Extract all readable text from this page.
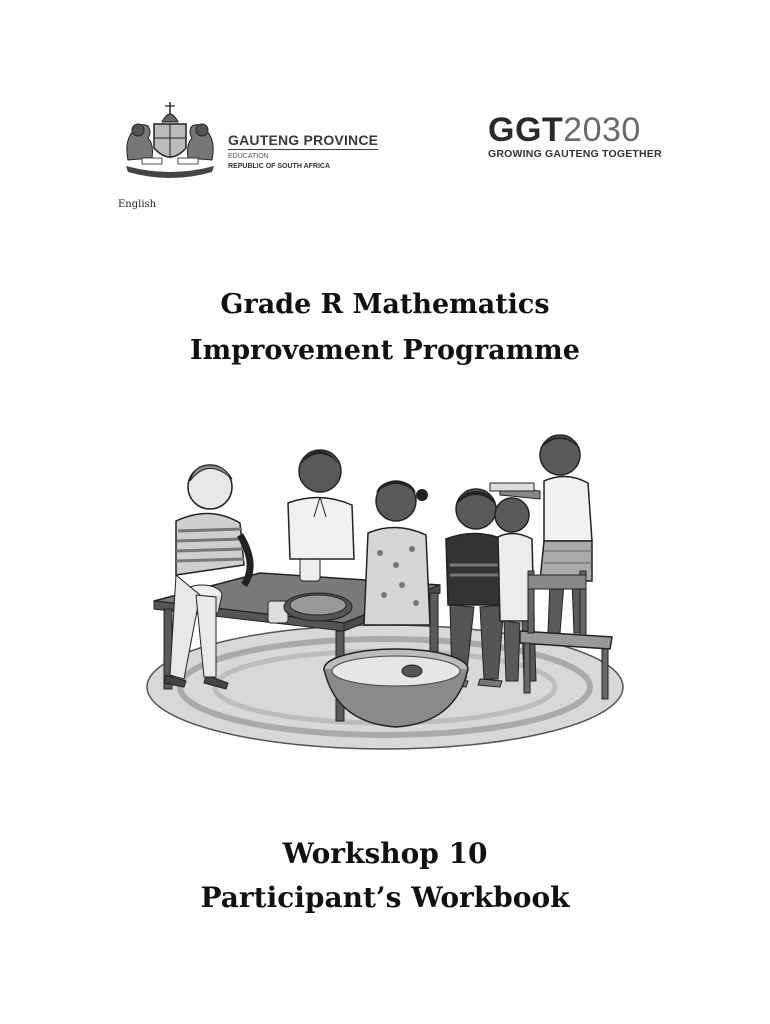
GAUTENG PROVINCE
EDUCATION
REPUBLIC OF SOUTH AFRICA
GGT2030
GROWING GAUTENG TOGETHER
English
Grade R Mathematics
Improvement Programme
Workshop 10
Participant’s Workbook
